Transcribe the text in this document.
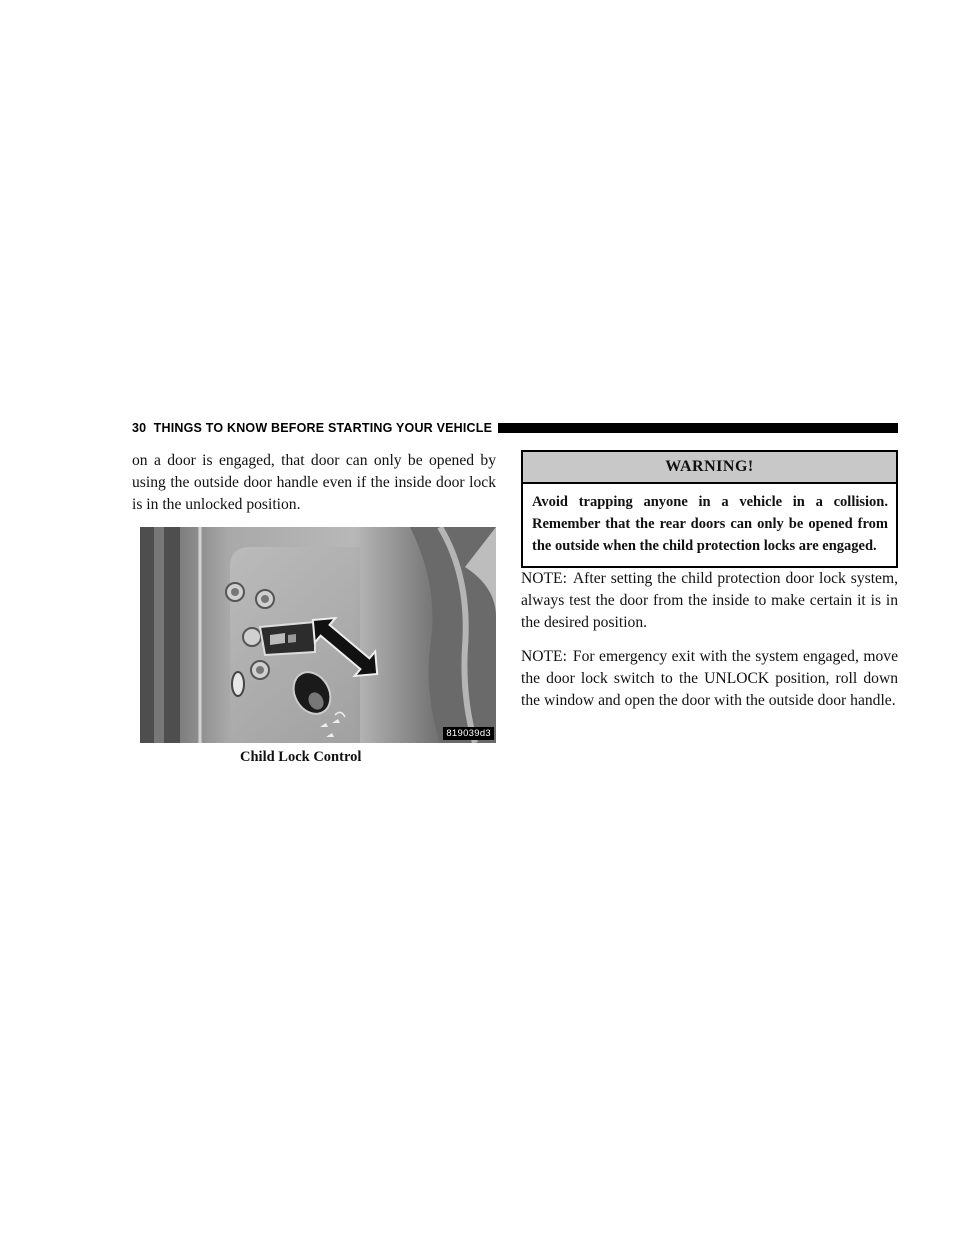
30 THINGS TO KNOW BEFORE STARTING YOUR VEHICLE

on a door is engaged, that door can only be opened by using the outside door handle even if the inside door lock is in the unlocked position.

819039d3
Child Lock Control
WARNING!
Avoid trapping anyone in a vehicle in a collision. Remember that the rear doors can only be opened from the outside when the child protection locks are engaged.

NOTE: After setting the child protection door lock system, always test the door from the inside to make certain it is in the desired position.

NOTE: For emergency exit with the system engaged, move the door lock switch to the UNLOCK position, roll down the window and open the door with the outside door handle.
